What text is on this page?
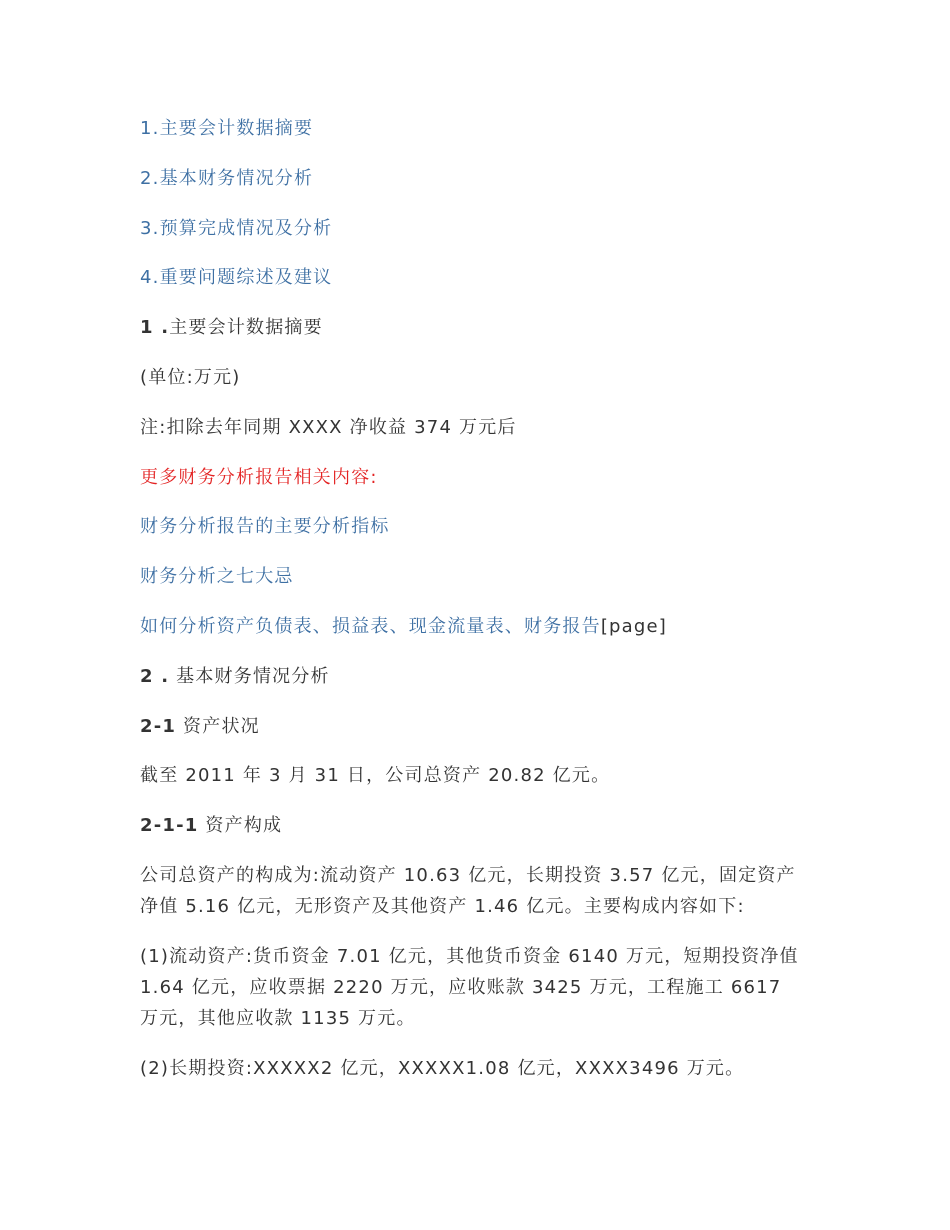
1.主要会计数据摘要

2.基本财务情况分析

3.预算完成情况及分析

4.重要问题综述及建议

1 .主要会计数据摘要

(单位:万元)

注:扣除去年同期 XXXX 净收益 374 万元后

更多财务分析报告相关内容:

财务分析报告的主要分析指标

财务分析之七大忌

如何分析资产负债表、损益表、现金流量表、财务报告[page]

2 . 基本财务情况分析

2-1 资产状况

截至 2011 年 3 月 31 日，公司总资产 20.82 亿元。

2-1-1 资产构成

公司总资产的构成为:流动资产 10.63 亿元，长期投资 3.57 亿元，固定资产净值 5.16 亿元，无形资产及其他资产 1.46 亿元。主要构成内容如下:

(1)流动资产:货币资金 7.01 亿元，其他货币资金 6140 万元，短期投资净值 1.64 亿元，应收票据 2220 万元，应收账款 3425 万元，工程施工 6617 万元，其他应收款 1135 万元。

(2)长期投资:XXXXX2 亿元，XXXXX1.08 亿元，XXXX3496 万元。
